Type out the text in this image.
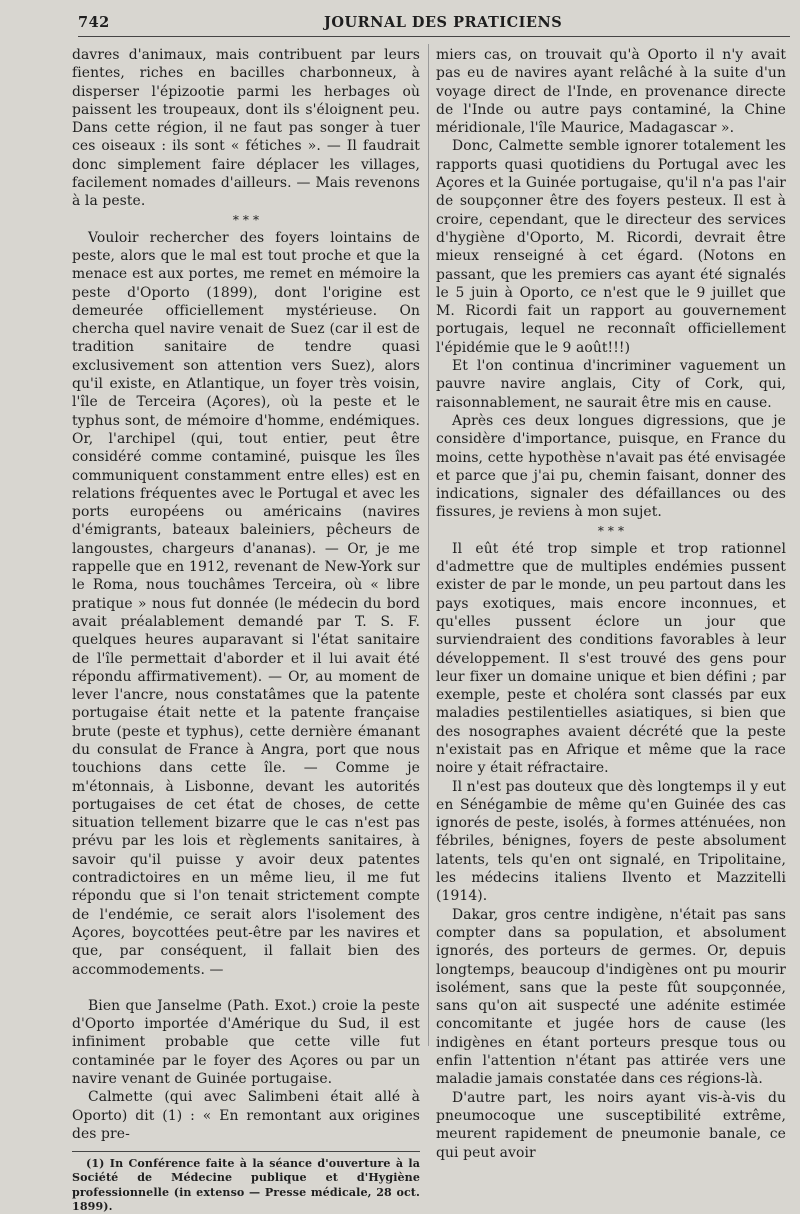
742	JOURNAL DES PRATICIENS

davres d'animaux, mais contribuent par leurs fientes, riches en bacilles charbonneux, à disperser l'épizootie parmi les herbages où paissent les troupeaux, dont ils s'éloignent peu. Dans cette région, il ne faut pas songer à tuer ces oiseaux : ils sont « fétiches ». — Il faudrait donc simplement faire déplacer les villages, facilement nomades d'ailleurs. — Mais revenons à la peste.

* * *

Vouloir rechercher des foyers lointains de peste, alors que le mal est tout proche et que la menace est aux portes, me remet en mémoire la peste d'Oporto (1899), dont l'origine est demeurée officiellement mystérieuse. On chercha quel navire venait de Suez (car il est de tradition sanitaire de tendre quasi exclusivement son attention vers Suez), alors qu'il existe, en Atlantique, un foyer très voisin, l'île de Terceira (Açores), où la peste et le typhus sont, de mémoire d'homme, endémiques. Or, l'archipel (qui, tout entier, peut être considéré comme contaminé, puisque les îles communiquent constamment entre elles) est en relations fréquentes avec le Portugal et avec les ports européens ou américains (navires d'émigrants, bateaux baleiniers, pêcheurs de langoustes, chargeurs d'ananas). — Or, je me rappelle que en 1912, revenant de New-York sur le Roma, nous touchâmes Terceira, où « libre pratique » nous fut donnée (le médecin du bord avait préalablement demandé par T. S. F. quelques heures auparavant si l'état sanitaire de l'île permettait d'aborder et il lui avait été répondu affirmativement). — Or, au moment de lever l'ancre, nous constatâmes que la patente portugaise était nette et la patente française brute (peste et typhus), cette dernière émanant du consulat de France à Angra, port que nous touchions dans cette île. — Comme je m'étonnais, à Lisbonne, devant les autorités portugaises de cet état de choses, de cette situation tellement bizarre que le cas n'est pas prévu par les lois et règlements sanitaires, à savoir qu'il puisse y avoir deux patentes contradictoires en un même lieu, il me fut répondu que si l'on tenait strictement compte de l'endémie, ce serait alors l'isolement des Açores, boycottées peut-être par les navires et que, par conséquent, il fallait bien des accommodements. —

Bien que Janselme (Path. Exot.) croie la peste d'Oporto importée d'Amérique du Sud, il est infiniment probable que cette ville fut contaminée par le foyer des Açores ou par un navire venant de Guinée portugaise.

Calmette (qui avec Salimbeni était allé à Oporto) dit (1) : « En remontant aux origines des pre-

(1) In Conférence faite à la séance d'ouverture à la Société de Médecine publique et d'Hygiène professionnelle (in extenso — Presse médicale, 28 oct. 1899).

miers cas, on trouvait qu'à Oporto il n'y avait pas eu de navires ayant relâché à la suite d'un voyage direct de l'Inde, en provenance directe de l'Inde ou autre pays contaminé, la Chine méridionale, l'île Maurice, Madagascar ».

Donc, Calmette semble ignorer totalement les rapports quasi quotidiens du Portugal avec les Açores et la Guinée portugaise, qu'il n'a pas l'air de soupçonner être des foyers pesteux. Il est à croire, cependant, que le directeur des services d'hygiène d'Oporto, M. Ricordi, devrait être mieux renseigné à cet égard. (Notons en passant, que les premiers cas ayant été signalés le 5 juin à Oporto, ce n'est que le 9 juillet que M. Ricordi fait un rapport au gouvernement portugais, lequel ne reconnaît officiellement l'épidémie que le 9 août!!!)

Et l'on continua d'incriminer vaguement un pauvre navire anglais, City of Cork, qui, raisonnablement, ne saurait être mis en cause.

Après ces deux longues digressions, que je considère d'importance, puisque, en France du moins, cette hypothèse n'avait pas été envisagée et parce que j'ai pu, chemin faisant, donner des indications, signaler des défaillances ou des fissures, je reviens à mon sujet.

* * *

Il eût été trop simple et trop rationnel d'admettre que de multiples endémies pussent exister de par le monde, un peu partout dans les pays exotiques, mais encore inconnues, et qu'elles pussent éclore un jour que surviendraient des conditions favorables à leur développement. Il s'est trouvé des gens pour leur fixer un domaine unique et bien défini ; par exemple, peste et choléra sont classés par eux maladies pestilentielles asiatiques, si bien que des nosographes avaient décrété que la peste n'existait pas en Afrique et même que la race noire y était réfractaire.

Il n'est pas douteux que dès longtemps il y eut en Sénégambie de même qu'en Guinée des cas ignorés de peste, isolés, à formes atténuées, non fébriles, bénignes, foyers de peste absolument latents, tels qu'en ont signalé, en Tripolitaine, les médecins italiens Ilvento et Mazzitelli (1914).

Dakar, gros centre indigène, n'était pas sans compter dans sa population, et absolument ignorés, des porteurs de germes. Or, depuis longtemps, beaucoup d'indigènes ont pu mourir isolément, sans que la peste fût soupçonnée, sans qu'on ait suspecté une adénite estimée concomitante et jugée hors de cause (les indigènes en étant porteurs presque tous ou enfin l'attention n'étant pas attirée vers une maladie jamais constatée dans ces régions-là.

D'autre part, les noirs ayant vis-à-vis du pneumocoque une susceptibilité extrême, meurent rapidement de pneumonie banale, ce qui peut avoir
